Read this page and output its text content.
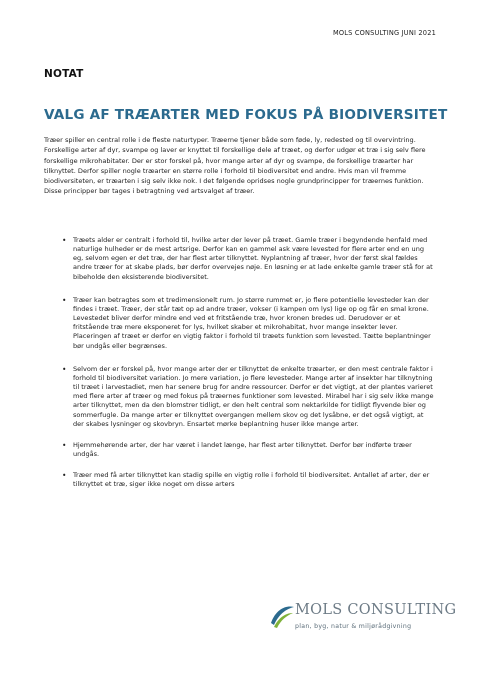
MOLS CONSULTING JUNI 2021
NOTAT
VALG AF TRÆARTER MED FOKUS PÅ BIODIVERSITET

Træer spiller en central rolle i de fleste naturtyper. Træerne tjener både som føde, ly, redested og til overvintring. Forskellige arter af dyr, svampe og laver er knyttet til forskellige dele af træet, og derfor udgør et træ i sig selv flere forskellige mikrohabitater. Der er stor forskel på, hvor mange arter af dyr og svampe, de forskellige træarter har tilknyttet. Derfor spiller nogle træarter en større rolle i forhold til biodiversitet end andre. Hvis man vil fremme biodiversiteten, er træarten i sig selv ikke nok. I det følgende opridses nogle grundprincipper for træernes funktion. Disse principper bør tages i betragtning ved artsvalget af træer.

• Træets alder er centralt i forhold til, hvilke arter der lever på træet. Gamle træer i begyndende henfald med naturlige hulheder er de mest artsrige. Derfor kan en gammel ask være levested for flere arter end en ung eg, selvom egen er det træ, der har flest arter tilknyttet. Nyplantning af træer, hvor der først skal fældes andre træer for at skabe plads, bør derfor overvejes nøje. En løsning er at lade enkelte gamle træer stå for at bibeholde den eksisterende biodiversitet.
• Træer kan betragtes som et tredimensionelt rum. Jo større rummet er, jo flere potentielle levesteder kan der findes i træet. Træer, der står tæt op ad andre træer, vokser (i kampen om lys) lige op og får en smal krone. Levestedet bliver derfor mindre end ved et fritstående træ, hvor kronen bredes ud. Derudover er et fritstående træ mere eksponeret for lys, hvilket skaber et mikrohabitat, hvor mange insekter lever. Placeringen af træet er derfor en vigtig faktor i forhold til træets funktion som levested. Tætte beplantninger bør undgås eller begrænses.
• Selvom der er forskel på, hvor mange arter der er tilknyttet de enkelte træarter, er den mest centrale faktor i forhold til biodiversitet variation. Jo mere variation, jo flere levesteder. Mange arter af insekter har tilknytning til træet i larvestadiet, men har senere brug for andre ressourcer. Derfor er det vigtigt, at der plantes varieret med flere arter af træer og med fokus på træernes funktioner som levested. Mirabel har i sig selv ikke mange arter tilknyttet, men da den blomstrer tidligt, er den helt central som nektarkilde for tidligt flyvende bier og sommerfugle. Da mange arter er tilknyttet overgangen mellem skov og det lysåbne, er det også vigtigt, at der skabes lysninger og skovbryn. Ensartet mørke beplantning huser ikke mange arter.
• Hjemmehørende arter, der har været i landet længe, har flest arter tilknyttet. Derfor bør indførte træer undgås.
• Træer med få arter tilknyttet kan stadig spille en vigtig rolle i forhold til biodiversitet. Antallet af arter, der er tilknyttet et træ, siger ikke noget om disse arters
MOLS CONSULTING
plan, byg, natur & miljørådgivning
